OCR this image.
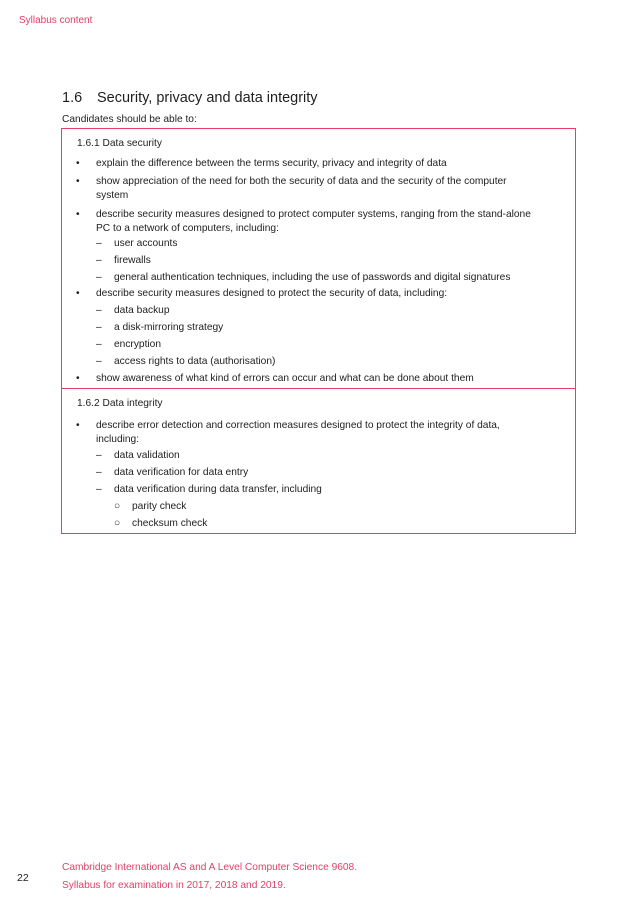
Syllabus content
1.6 Security, privacy and data integrity
Candidates should be able to:
1.6.1 Data security
• explain the difference between the terms security, privacy and integrity of data
• show appreciation of the need for both the security of data and the security of the computer
system
• describe security measures designed to protect computer systems, ranging from the stand-alone
PC to a network of computers, including:
– user accounts
– firewalls
– general authentication techniques, including the use of passwords and digital signatures
• describe security measures designed to protect the security of data, including:
– data backup
– a disk-mirroring strategy
– encryption
– access rights to data (authorisation)
• show awareness of what kind of errors can occur and what can be done about them
1.6.2 Data integrity
• describe error detection and correction measures designed to protect the integrity of data,
including:
– data validation
– data verification for data entry
– data verification during data transfer, including
○ parity check
○ checksum check
22
Cambridge International AS and A Level Computer Science 9608.
Syllabus for examination in 2017, 2018 and 2019.
